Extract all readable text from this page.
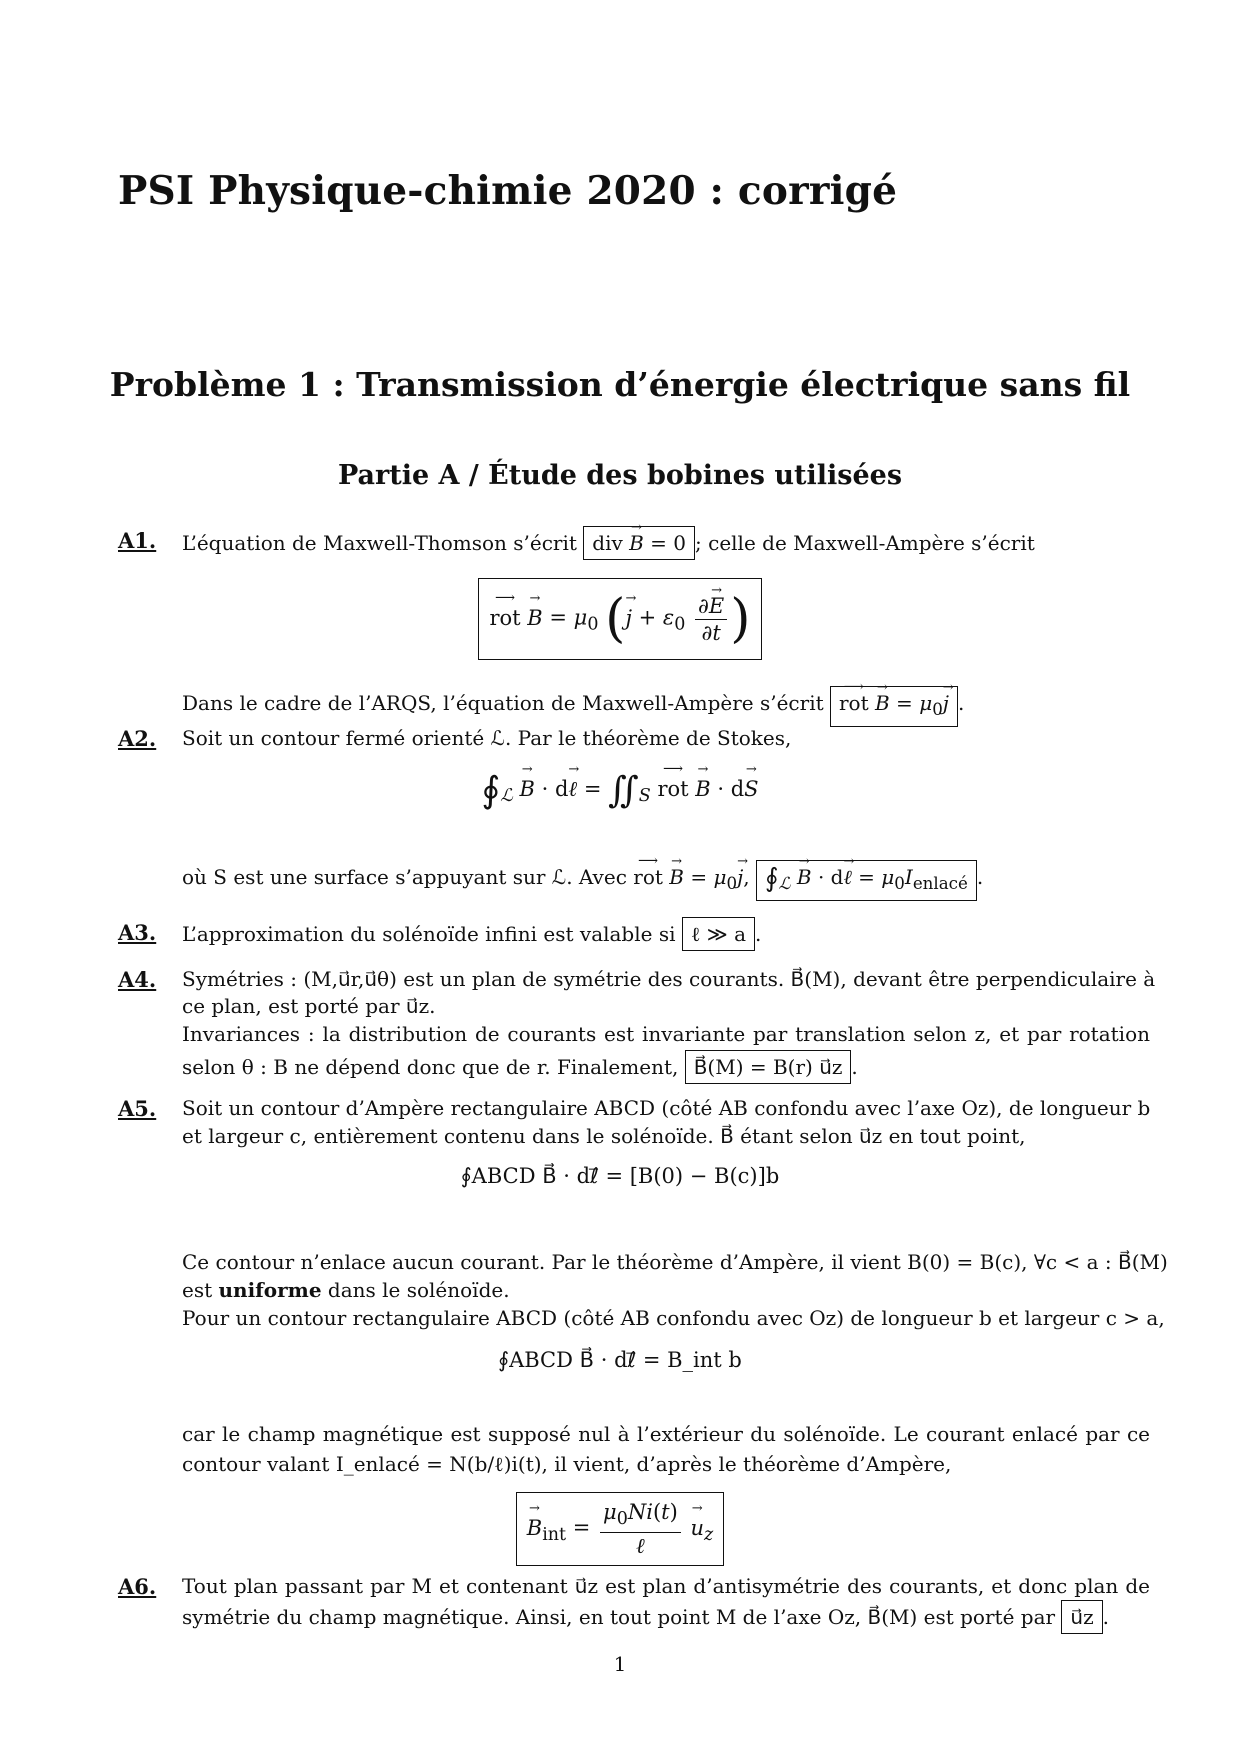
PSI Physique-chimie 2020 : corrigé
Problème 1 : Transmission d’énergie électrique sans fil
Partie A / Étude des bobines utilisées
A1. L’équation de Maxwell-Thomson s’écrit div → B = 0 ; celle de Maxwell-Ampère s’écrit
⟶ rot → $B = \mu_0$ (→ $j + \varepsilon_0 \frac{\partial\to E}{\partial t}$ )
Dans le cadre de l’ARQS, l’équation de Maxwell-Ampère s’écrit ⟶ rot → $B = \mu_0\to j$ .
A2. Soit un contour fermé orienté ℒ. Par le théorème de Stokes,
$∮_ℒ \to B \cdot d\to$ ℓ = $∬_S$ ⟶ rot → B · d→ S
où S est une surface s’appuyant sur ℒ. Avec ⟶ rot → $B = \mu_0\to j$, $∮_ℒ \to B \cdot d\to$ ℓ = $\mu_0I_{enlacé}$ .
A3. L’approximation du solénoïde infini est valable si ℓ ≫ a .
A4. Symétries : (M,u⃗r,u⃗θ) est un plan de symétrie des courants. B⃗(M), devant être perpendiculaire à
ce plan, est porté par u⃗z.
Invariances : la distribution de courants est invariante par translation selon z, et par rotation
selon θ : B ne dépend donc que de r. Finalement, B⃗(M) = B(r) u⃗z .
A5. Soit un contour d’Ampère rectangulaire ABCD (côté AB confondu avec l’axe Oz), de longueur b
et largeur c, entièrement contenu dans le solénoïde. B⃗ étant selon u⃗z en tout point,
∮ABCD B⃗ · dℓ⃗ = [B(0) − B(c)]b
Ce contour n’enlace aucun courant. Par le théorème d’Ampère, il vient B(0) = B(c), ∀c < a : B⃗(M)
est uniforme dans le solénoïde.
Pour un contour rectangulaire ABCD (côté AB confondu avec Oz) de longueur b et largeur c > a,
∮ABCD B⃗ · dℓ⃗ = B_int b
car le champ magnétique est supposé nul à l’extérieur du solénoïde. Le courant enlacé par ce
contour valant I_enlacé = N(b/ℓ)i(t), il vient, d’après le théorème d’Ampère,
→ $B_{int} = \frac{\mu_0Ni(t)}{\text{ℓ}}$
→ $u_z$
A6. Tout plan passant par M et contenant u⃗z est plan d’antisymétrie des courants, et donc plan de
symétrie du champ magnétique. Ainsi, en tout point M de l’axe Oz, B⃗(M) est porté par u⃗z .
1
